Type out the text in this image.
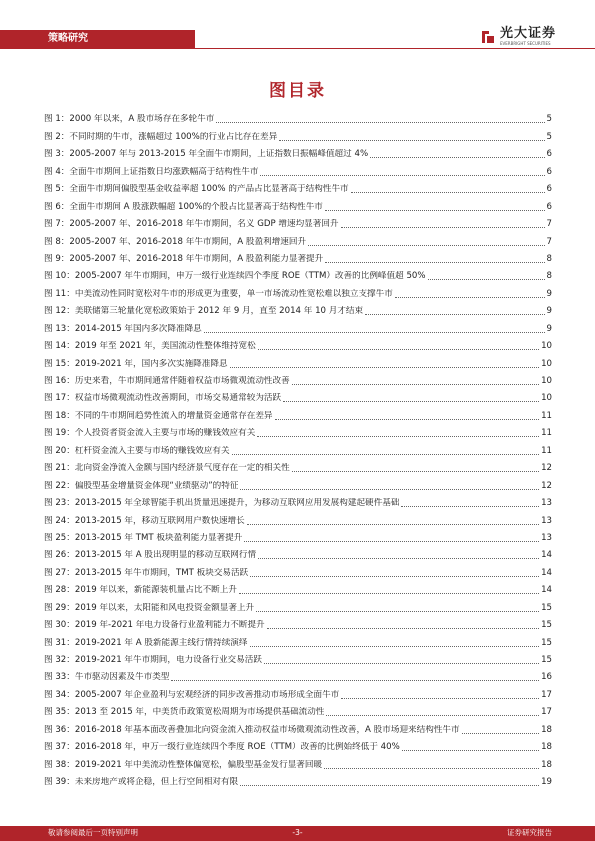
策略研究	光大证券
EVERBRIGHT SECURITIES
图目录
图 1： 2000 年以来，A 股市场存在多轮牛市	5
图 2： 不同时期的牛市，涨幅超过 100%的行业占比存在差异	5
图 3： 2005-2007 年与 2013-2015 年全面牛市期间，上证指数日振幅峰值超过 4%	6
图 4： 全面牛市期间上证指数日均涨跌幅高于结构性牛市	6
图 5： 全面牛市期间偏股型基金收益率超 100% 的产品占比显著高于结构性牛市	6
图 6： 全面牛市期间 A 股涨跌幅超 100%的个股占比显著高于结构性牛市	6
图 7： 2005-2007 年、2016-2018 年牛市期间，名义 GDP 增速均显著回升	7
图 8： 2005-2007 年、2016-2018 年牛市期间，A 股盈利增速回升	7
图 9： 2005-2007 年、2016-2018 年牛市期间，A 股盈利能力显著提升	8
图 10： 2005-2007 年牛市期间，申万一级行业连续四个季度 ROE（TTM）改善的比例峰值超 50%	8
图 11： 中美流动性同时宽松对牛市的形成更为重要，单一市场流动性宽松难以独立支撑牛市	9
图 12： 美联储第三轮量化宽松政策始于 2012 年 9 月，直至 2014 年 10 月才结束	9
图 13： 2014-2015 年国内多次降准降息	9
图 14： 2019 年至 2021 年，美国流动性整体维持宽松	10
图 15： 2019-2021 年，国内多次实施降准降息	10
图 16： 历史来看，牛市期间通常伴随着权益市场微观流动性改善	10
图 17： 权益市场微观流动性改善期间，市场交易通常较为活跃	10
图 18： 不同的牛市期间趋势性流入的增量资金通常存在差异	11
图 19： 个人投资者资金流入主要与市场的赚钱效应有关	11
图 20： 杠杆资金流入主要与市场的赚钱效应有关	11
图 21： 北向资金净流入金额与国内经济景气度存在一定的相关性	12
图 22： 偏股型基金增量资金体现“业绩驱动”的特征	12
图 23： 2013-2015 年全球智能手机出货量迅速提升，为移动互联网应用发展构建起硬件基础	13
图 24： 2013-2015 年，移动互联网用户数快速增长	13
图 25： 2013-2015 年 TMT 板块盈利能力显著提升	13
图 26： 2013-2015 年 A 股出现明显的移动互联网行情	14
图 27： 2013-2015 年牛市期间，TMT 板块交易活跃	14
图 28： 2019 年以来，新能源装机量占比不断上升	14
图 29： 2019 年以来，太阳能和风电投资金额显著上升	15
图 30： 2019 年-2021 年电力设备行业盈利能力不断提升	15
图 31： 2019-2021 年 A 股新能源主线行情持续演绎	15
图 32： 2019-2021 年牛市期间，电力设备行业交易活跃	15
图 33： 牛市驱动因素及牛市类型	16
图 34： 2005-2007 年企业盈利与宏观经济的同步改善推动市场形成全面牛市	17
图 35： 2013 至 2015 年，中美货币政策宽松周期为市场提供基础流动性	17
图 36： 2016-2018 年基本面改善叠加北向资金流入推动权益市场微观流动性改善，A 股市场迎来结构性牛市	18
图 37： 2016-2018 年，申万一级行业连续四个季度 ROE（TTM）改善的比例始终低于 40%	18
图 38： 2019-2021 年中美流动性整体偏宽松，偏股型基金发行显著回暖	18
图 39： 未来房地产或将企稳，但上行空间相对有限	19
敬请参阅最后一页特别声明	-3-	证券研究报告
